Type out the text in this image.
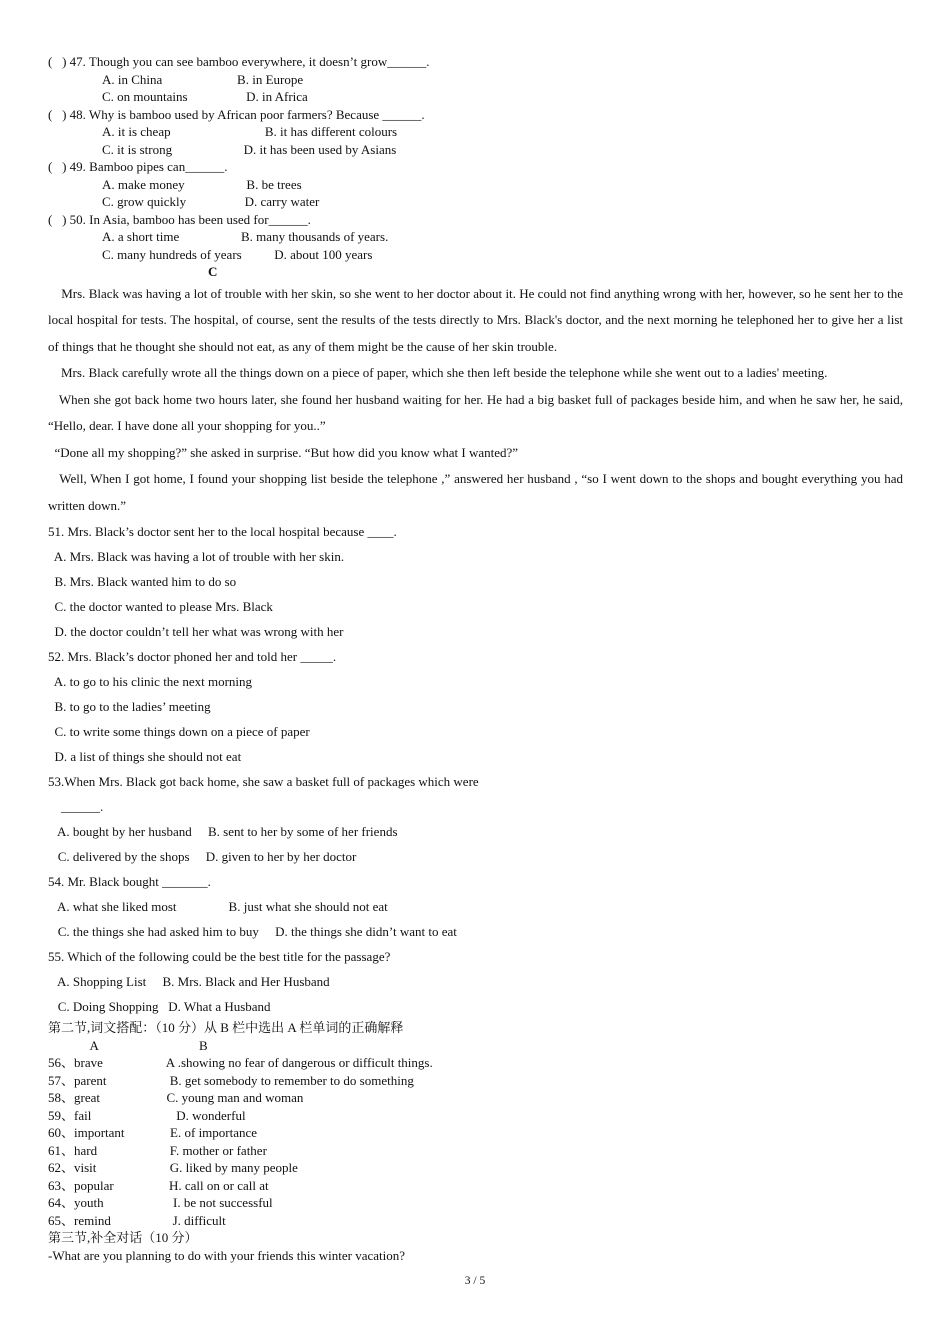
(   ) 47. Though you can see bamboo everywhere, it doesn’t grow______.
A. in China                       B. in Europe
C. on mountains                  D. in Africa
(   ) 48. Why is bamboo used by African poor farmers? Because ______.
A. it is cheap                             B. it has different colours
C. it is strong                      D. it has been used by Asians
(   ) 49. Bamboo pipes can______.
A. make money                   B. be trees
C. grow quickly                  D. carry water
(   ) 50. In Asia, bamboo has been used for______.
A. a short time                   B. many thousands of years.
C. many hundreds of years          D. about 100 years
C

Mrs. Black was having a lot of trouble with her skin, so she went to her doctor about it. He could not find anything wrong with her, however, so he sent her to the local hospital for tests. The hospital, of course, sent the results of the tests directly to Mrs. Black's doctor, and the next morning he telephoned her to give her a list of things that he thought she should not eat, as any of them might be the cause of her skin trouble.

Mrs. Black carefully wrote all the things down on a piece of paper, which she then left beside the telephone while she went out to a ladies' meeting.

When she got back home two hours later, she found her husband waiting for her. He had a big basket full of packages beside him, and when he saw her, he said, “Hello, dear. I have done all your shopping for you..”

“Done all my shopping?” she asked in surprise. “But how did you know what I wanted?”

Well, When I got home, I found your shopping list beside the telephone ,” answered her husband , “so I went down to the shops and bought everything you had written down.”

51. Mrs. Black’s doctor sent her to the local hospital because ____.
A. Mrs. Black was having a lot of trouble with her skin.
B. Mrs. Black wanted him to do so
C. the doctor wanted to please Mrs. Black
D. the doctor couldn’t tell her what was wrong with her
52. Mrs. Black’s doctor phoned her and told her _____.
A. to go to his clinic the next morning
B. to go to the ladies’ meeting
C. to write some things down on a piece of paper
D. a list of things she should not eat
53.When Mrs. Black got back home, she saw a basket full of packages which were
______.
A. bought by her husband     B. sent to her by some of her friends
C. delivered by the shops     D. given to her by her doctor
54. Mr. Black bought _______.
A. what she liked most                B. just what she should not eat
C. the things she had asked him to buy     D. the things she didn’t want to eat
55. Which of the following could be the best title for the passage?
A. Shopping List     B. Mrs. Black and Her Husband
C. Doing Shopping   D. What a Husband
第二节,词文搭配：（10 分）从 B 栏中选出 A 栏单词的正确解释
A                               B
56、brave A .showing no fear of dangerous or difficult things.
57、parent B. get somebody to remember to do something
58、great C. young man and woman
59、fail	D. wonderful
60、important E. of importance
61、hard F. mother or father
62、visit G. liked by many people
63、popular H. call on or call at
64、youth I. be not successful
65、remind J. difficult
第三节,补全对话（10 分）
-What are you planning to do with your friends this winter vacation?
3 / 5
